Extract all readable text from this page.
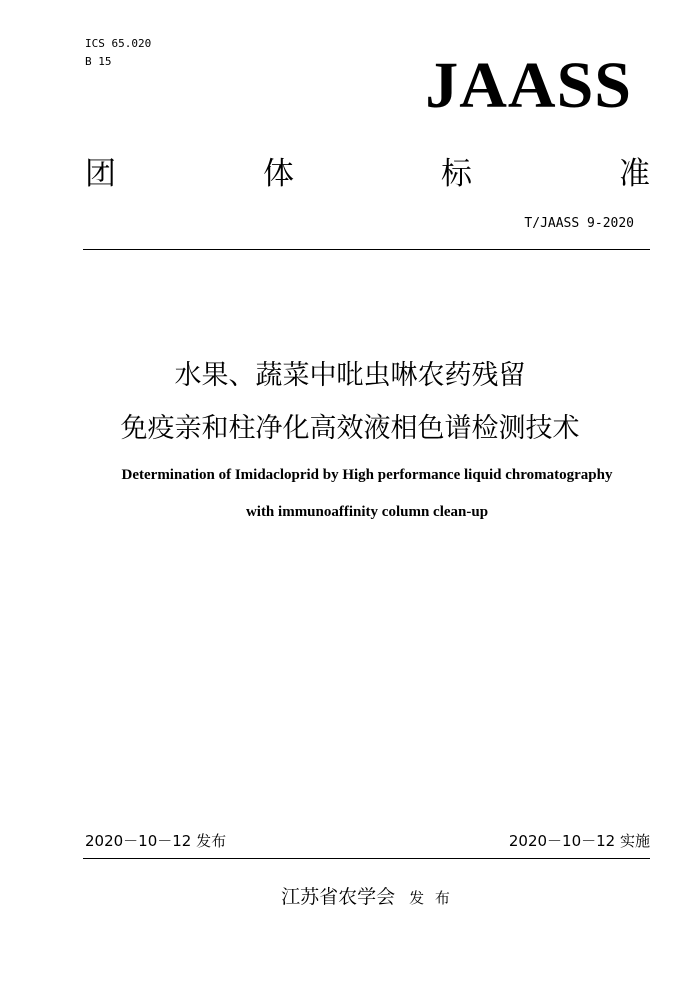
ICS 65.020
B 15	JAASS
团	体	标	准
T/JAASS 9-2020
水果、蔬菜中吡虫啉农药残留
免疫亲和柱净化高效液相色谱检测技术
Determination of Imidacloprid by High performance liquid chromatography
with immunoaffinity column clean-up
2020－10－12 发布	2020－10－12 实施
江苏省农学会 发 布
